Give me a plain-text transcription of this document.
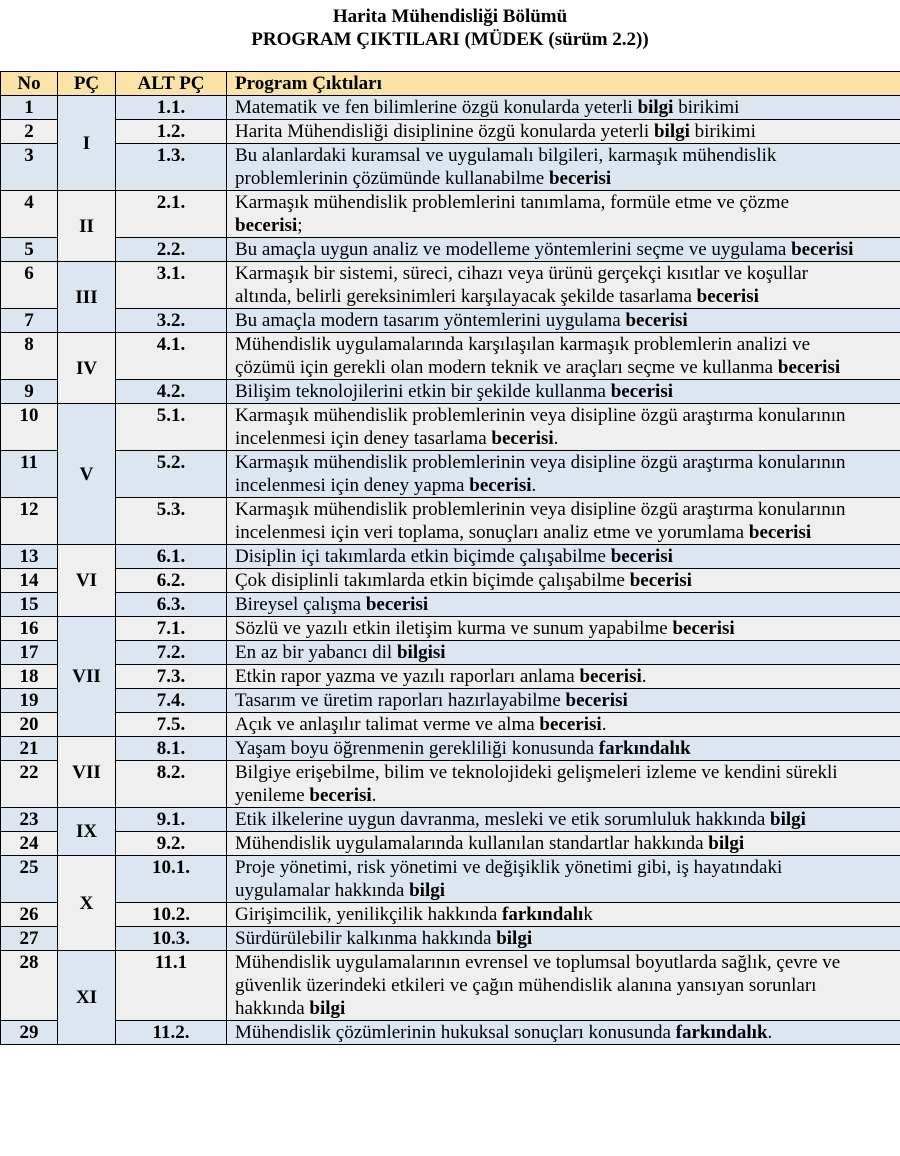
Harita Mühendisliği Bölümü

PROGRAM ÇIKTILARI (MÜDEK (sürüm 2.2))

No	PÇ	ALT PÇ	Program Çıktıları
1	I	1.1.	Matematik ve fen bilimlerine özgü konularda yeterli bilgi birikimi
2		1.2.	Harita Mühendisliği disiplinine özgü konularda yeterli bilgi birikimi
3		1.3.	Bu alanlardaki kuramsal ve uygulamalı bilgileri, karmaşık mühendislik
problemlerinin çözümünde kullanabilme becerisi
4	II	2.1.	Karmaşık mühendislik problemlerini tanımlama, formüle etme ve çözme
becerisi;
5		2.2.	Bu amaçla uygun analiz ve modelleme yöntemlerini seçme ve uygulama becerisi
6	III	3.1.	Karmaşık bir sistemi, süreci, cihazı veya ürünü gerçekçi kısıtlar ve koşullar
altında, belirli gereksinimleri karşılayacak şekilde tasarlama becerisi
7		3.2.	Bu amaçla modern tasarım yöntemlerini uygulama becerisi
8	IV	4.1.	Mühendislik uygulamalarında karşılaşılan karmaşık problemlerin analizi ve
çözümü için gerekli olan modern teknik ve araçları seçme ve kullanma becerisi
9		4.2.	Bilişim teknolojilerini etkin bir şekilde kullanma becerisi
10	V	5.1.	Karmaşık mühendislik problemlerinin veya disipline özgü araştırma konularının
incelenmesi için deney tasarlama becerisi.
11		5.2.	Karmaşık mühendislik problemlerinin veya disipline özgü araştırma konularının
incelenmesi için deney yapma becerisi.
12		5.3.	Karmaşık mühendislik problemlerinin veya disipline özgü araştırma konularının
incelenmesi için veri toplama, sonuçları analiz etme ve yorumlama becerisi
13	VI	6.1.	Disiplin içi takımlarda etkin biçimde çalışabilme becerisi
14		6.2.	Çok disiplinli takımlarda etkin biçimde çalışabilme becerisi
15		6.3.	Bireysel çalışma becerisi
16	VII	7.1.	Sözlü ve yazılı etkin iletişim kurma ve sunum yapabilme becerisi
17		7.2.	En az bir yabancı dil bilgisi
18		7.3.	Etkin rapor yazma ve yazılı raporları anlama becerisi.
19		7.4.	Tasarım ve üretim raporları hazırlayabilme becerisi
20		7.5.	Açık ve anlaşılır talimat verme ve alma becerisi.
21	VII	8.1.	Yaşam boyu öğrenmenin gerekliliği konusunda farkındalık
22		8.2.	Bilgiye erişebilme, bilim ve teknolojideki gelişmeleri izleme ve kendini sürekli
yenileme becerisi.
23	IX	9.1.	Etik ilkelerine uygun davranma, mesleki ve etik sorumluluk hakkında bilgi
24		9.2.	Mühendislik uygulamalarında kullanılan standartlar hakkında bilgi
25	X	10.1.	Proje yönetimi, risk yönetimi ve değişiklik yönetimi gibi, iş hayatındaki
uygulamalar hakkında bilgi
26		10.2.	Girişimcilik, yenilikçilik hakkında farkındalık
27		10.3.	Sürdürülebilir kalkınma hakkında bilgi
28	XI	11.1	Mühendislik uygulamalarının evrensel ve toplumsal boyutlarda sağlık, çevre ve
güvenlik üzerindeki etkileri ve çağın mühendislik alanına yansıyan sorunları
hakkında bilgi
29		11.2.	Mühendislik çözümlerinin hukuksal sonuçları konusunda farkındalık.
